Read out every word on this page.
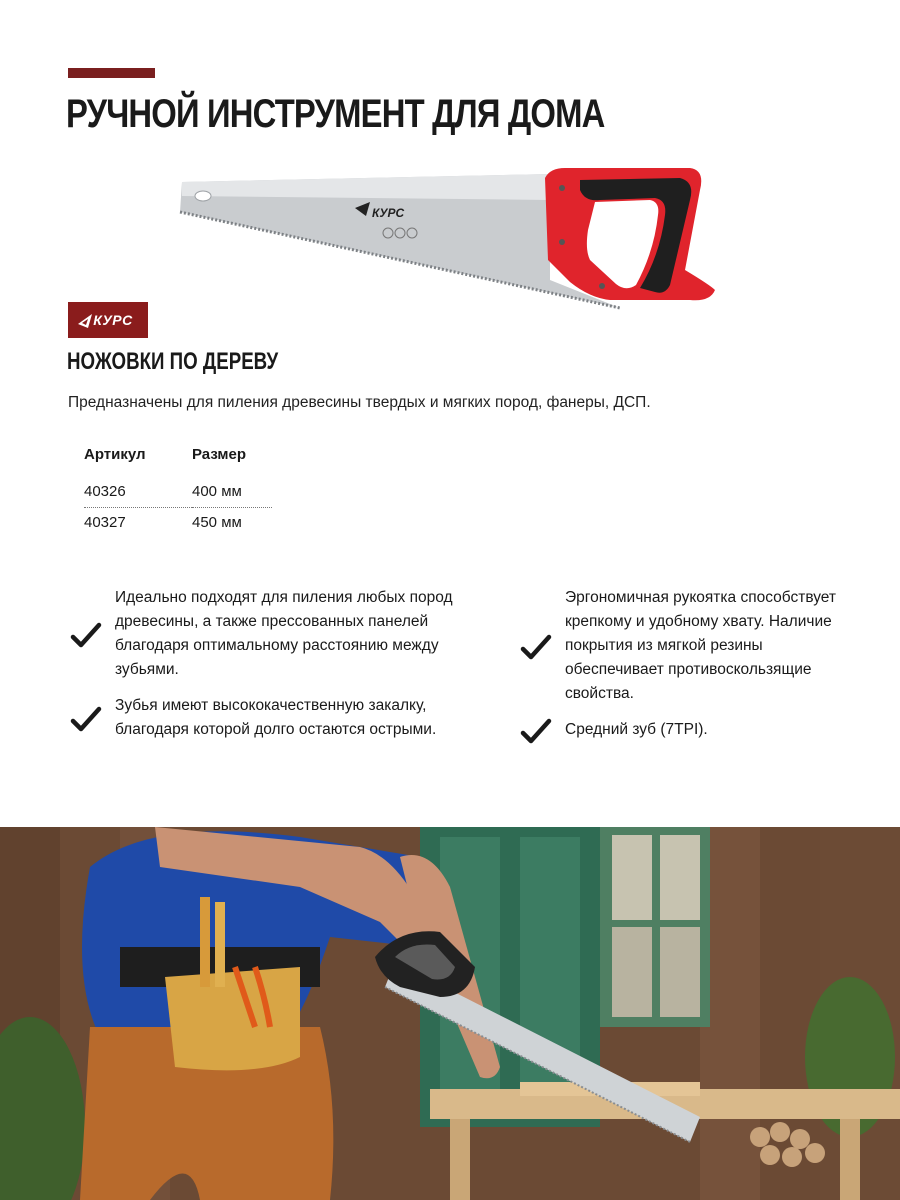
РУЧНОЙ ИНСТРУМЕНТ ДЛЯ ДОМА
КУРС
КУРС
НОЖОВКИ ПО ДЕРЕВУ

Предназначены для пиления древесины твердых и мягких пород, фанеры, ДСП.

Артикул	Размер
40326	400 мм
40327	450 мм
Идеально подходят для пиления любых пород древесины, а также прессованных панелей благодаря оптимальному расстоянию между зубьями.
Зубья имеют высококачественную закалку, благодаря которой долго остаются острыми.
Эргономичная рукоятка способствует крепкому и удобному хвату. Наличие покрытия из мягкой резины обеспечивает противоскользящие свойства.
Средний зуб (7TPI).
